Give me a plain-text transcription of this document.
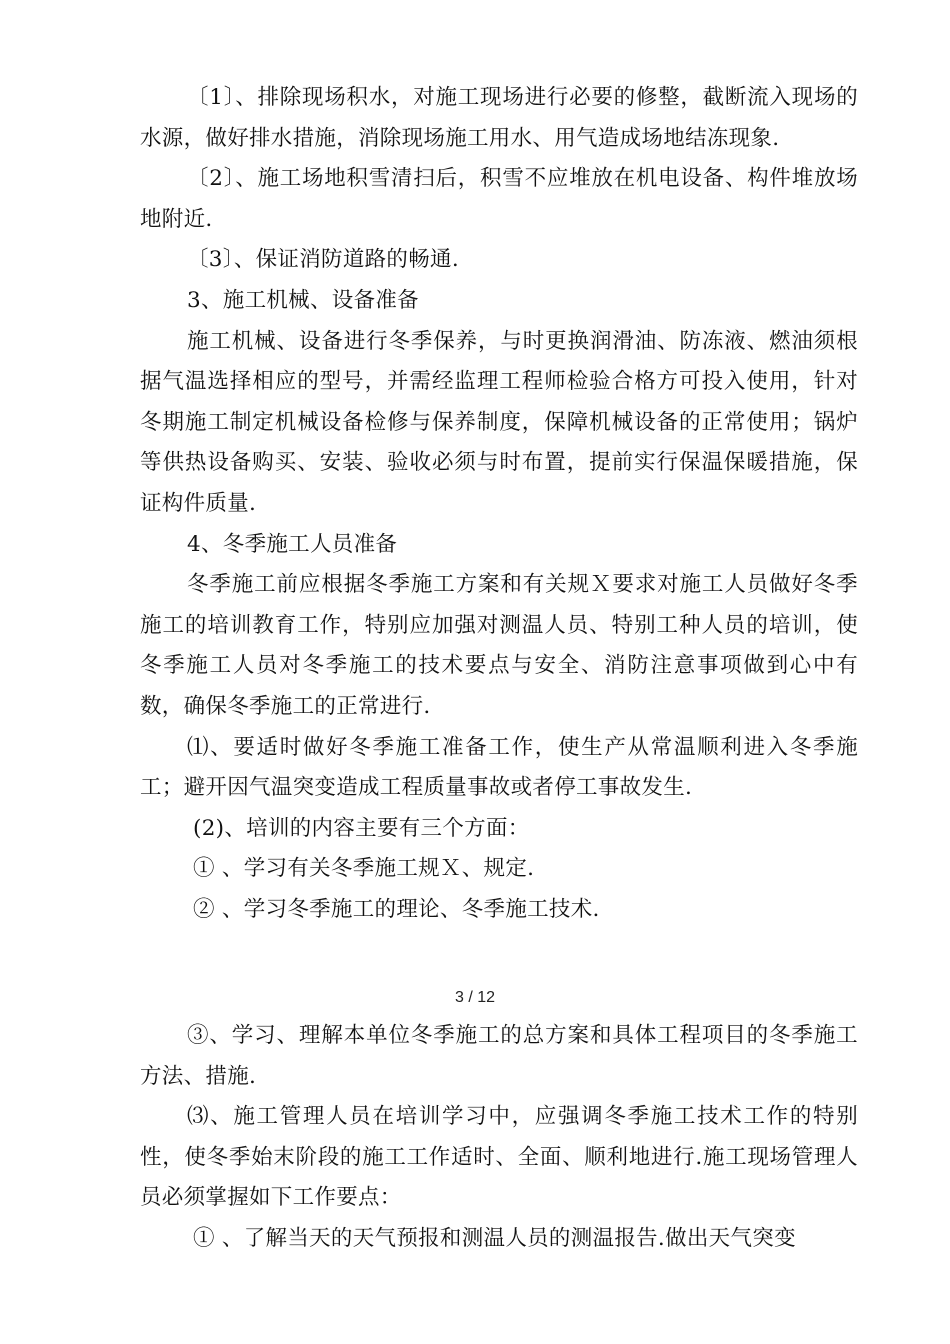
〔1〕、排除现场积水，对施工现场进行必要的修整，截断流入现场的水源，做好排水措施，消除现场施工用水、用气造成场地结冻现象.

〔2〕、施工场地积雪清扫后，积雪不应堆放在机电设备、构件堆放场地附近.

〔3〕、保证消防道路的畅通.

3、施工机械、设备准备

施工机械、设备进行冬季保养，与时更换润滑油、防冻液、燃油须根据气温选择相应的型号，并需经监理工程师检验合格方可投入使用，针对冬期施工制定机械设备检修与保养制度，保障机械设备的正常使用；锅炉等供热设备购买、安装、验收必须与时布置，提前实行保温保暖措施，保证构件质量.

4、冬季施工人员准备

冬季施工前应根据冬季施工方案和有关规Ｘ要求对施工人员做好冬季施工的培训教育工作，特别应加强对测温人员、特别工种人员的培训，使冬季施工人员对冬季施工的技术要点与安全、消防注意事项做到心中有数，确保冬季施工的正常进行.

⑴、要适时做好冬季施工准备工作，使生产从常温顺利进入冬季施工；避开因气温突变造成工程质量事故或者停工事故发生.

(2)、培训的内容主要有三个方面：

① 、学习有关冬季施工规Ｘ、规定.

② 、学习冬季施工的理论、冬季施工技术.

3 / 12

③、学习、理解本单位冬季施工的总方案和具体工程项目的冬季施工方法、措施.

⑶、施工管理人员在培训学习中，应强调冬季施工技术工作的特别性，使冬季始末阶段的施工工作适时、全面、顺利地进行.施工现场管理人员必须掌握如下工作要点：

① 、了解当天的天气预报和测温人员的测温报告.做出天气突变
